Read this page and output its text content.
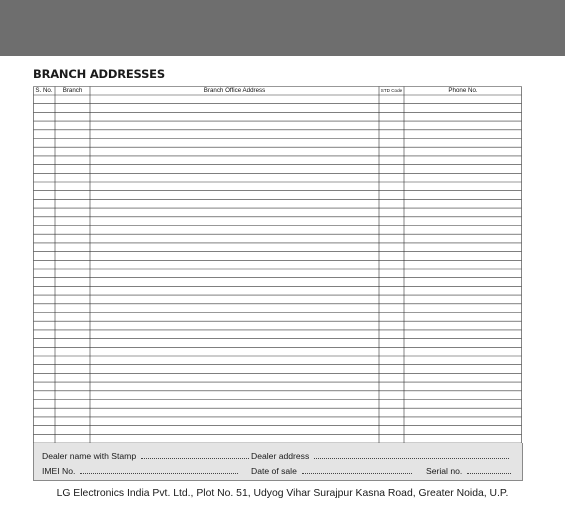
BRANCH ADDRESSES
S. No.	Branch	Branch Office Address	STD Code	Phone No.
Dealer name with Stamp	Dealer address
IMEI No.	Date of sale	Serial no.
LG Electronics India Pvt. Ltd., Plot No. 51, Udyog Vihar Surajpur Kasna Road, Greater Noida, U.P.
